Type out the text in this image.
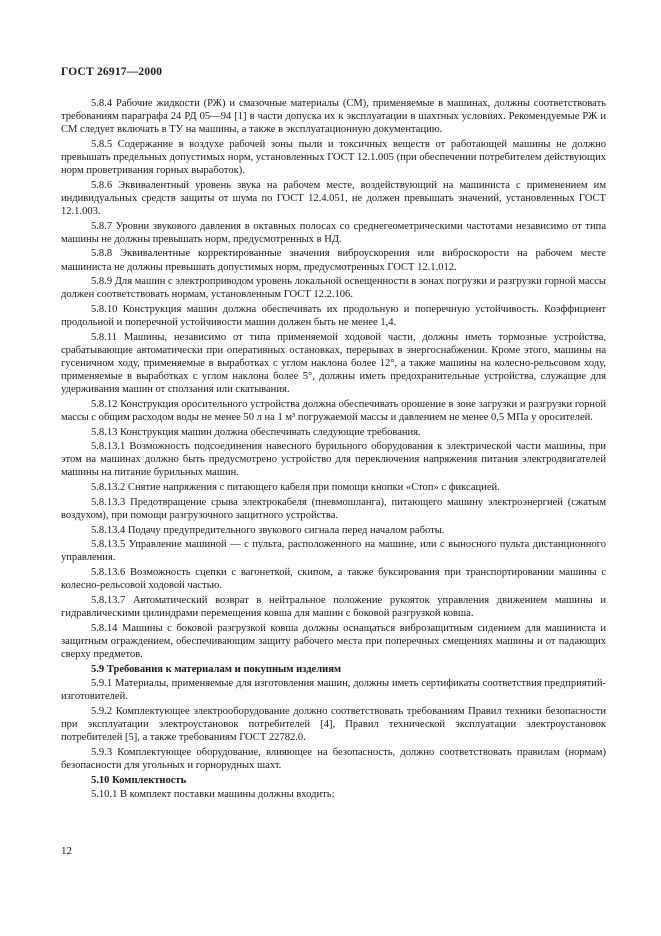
ГОСТ 26917—2000

5.8.4 Рабочие жидкости (РЖ) и смазочные материалы (СМ), применяемые в машинах, должны соответствовать требованиям параграфа 24 РД 05—94 [1] в части допуска их к эксплуатации в шахтных условиях. Рекомендуемые РЖ и СМ следует включать в ТУ на машины, а также в эксплуатационную документацию.

5.8.5 Содержание в воздухе рабочей зоны пыли и токсичных веществ от работающей машины не должно превышать предельных допустимых норм, установленных ГОСТ 12.1.005 (при обеспечении потребителем действующих норм проветривания горных выработок).

5.8.6 Эквивалентный уровень звука на рабочем месте, воздействующий на машиниста с применением им индивидуальных средств защиты от шума по ГОСТ 12.4.051, не должен превышать значений, установленных ГОСТ 12.1.003.

5.8.7 Уровни звукового давления в октавных полосах со среднегеометрическими частотами независимо от типа машины не должны превышать норм, предусмотренных в НД.

5.8.8 Эквивалентные корректированные значения виброускорения или виброскорости на рабочем месте машиниста не должны превышать допустимых норм, предусмотренных ГОСТ 12.1.012.

5.8.9 Для машин с электроприводом уровень локальной освещенности в зонах погрузки и разгрузки горной массы должен соответствовать нормам, установленным ГОСТ 12.2.106.

5.8.10 Конструкция машин должна обеспечивать их продольную и поперечную устойчивость. Коэффициент продольной и поперечной устойчивости машин должен быть не менее 1,4.

5.8.11 Машины, независимо от типа применяемой ходовой части, должны иметь тормозные устройства, срабатывающие автоматически при оперативных остановках, перерывах в энергоснабжении. Кроме этого, машины на гусеничном ходу, применяемые в выработках с углом наклона более 12°, а также машины на колесно-рельсовом ходу, применяемые в выработках с углом наклона более 5°, должны иметь предохранительные устройства, служащие для удерживания машин от сползания или скатывания.

5.8.12 Конструкция оросительного устройства должна обеспечивать орошение в зоне загрузки и разгрузки горной массы с общим расходом воды не менее 50 л на 1 м³ погружаемой массы и давлением не менее 0,5 МПа у оросителей.

5.8.13 Конструкция машин должна обеспечивать следующие требования.

5.8.13.1 Возможность подсоединения навесного бурильного оборудования к электрической части машины, при этом на машинах должно быть предусмотрено устройство для переключения напряжения питания электродвигателей машины на питание бурильных машин.

5.8.13.2 Снятие напряжения с питающего кабеля при помощи кнопки «Стоп» с фиксацией.

5.8.13.3 Предотвращение срыва электрокабеля (пневмошланга), питающего машину электроэнергией (сжатым воздухом), при помощи разгрузочного защитного устройства.

5.8.13.4 Подачу предупредительного звукового сигнала перед началом работы.

5.8.13.5 Управление машиной — с пульта, расположенного на машине, или с выносного пульта дистанционного управления.

5.8.13.6 Возможность сцепки с вагонеткой, скипом, а также буксирования при транспортировании машины с колесно-рельсовой ходовой частью.

5.8.13.7 Автоматический возврат в нейтральное положение рукояток управления движением машины и гидравлическими цилиндрами перемещения ковша для машин с боковой разгрузкой ковша.

5.8.14 Машины с боковой разгрузкой ковша должны оснащаться виброзащитным сидением для машиниста и защитным ограждением, обеспечивающим защиту рабочего места при поперечных смещениях машины и от падающих сверху предметов.

5.9 Требования к материалам и покупным изделиям

5.9.1 Материалы, применяемые для изготовления машин, должны иметь сертификаты соответствия предприятий-изготовителей.

5.9.2 Комплектующее электрооборудование должно соответствовать требованиям Правил техники безопасности при эксплуатации электроустановок потребителей [4], Правил технической эксплуатации электроустановок потребителей [5], а также требованиям ГОСТ 22782.0.

5.9.3 Комплектующее оборудование, влияющее на безопасность, должно соответствовать правилам (нормам) безопасности для угольных и горнорудных шахт.

5.10 Комплектность

5.10.1 В комплект поставки машины должны входить:

12
